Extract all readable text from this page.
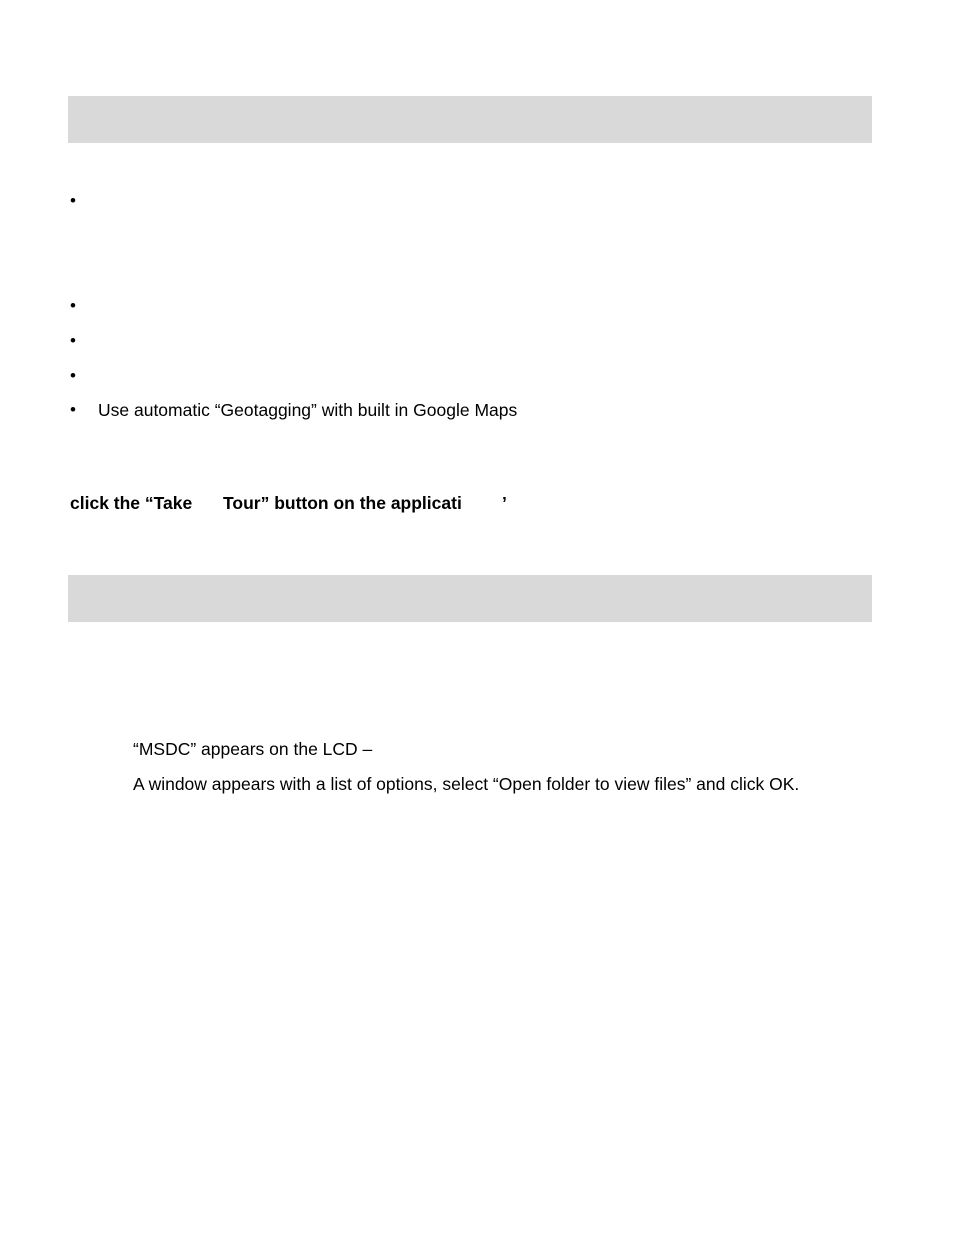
•
•
•
•
• Use automatic “Geotagging” with built in Google Maps
click the “Take Tour” button on the applicati ’
“MSDC” appears on the LCD –
A window appears with a list of options, select “Open folder to view files” and click OK.
